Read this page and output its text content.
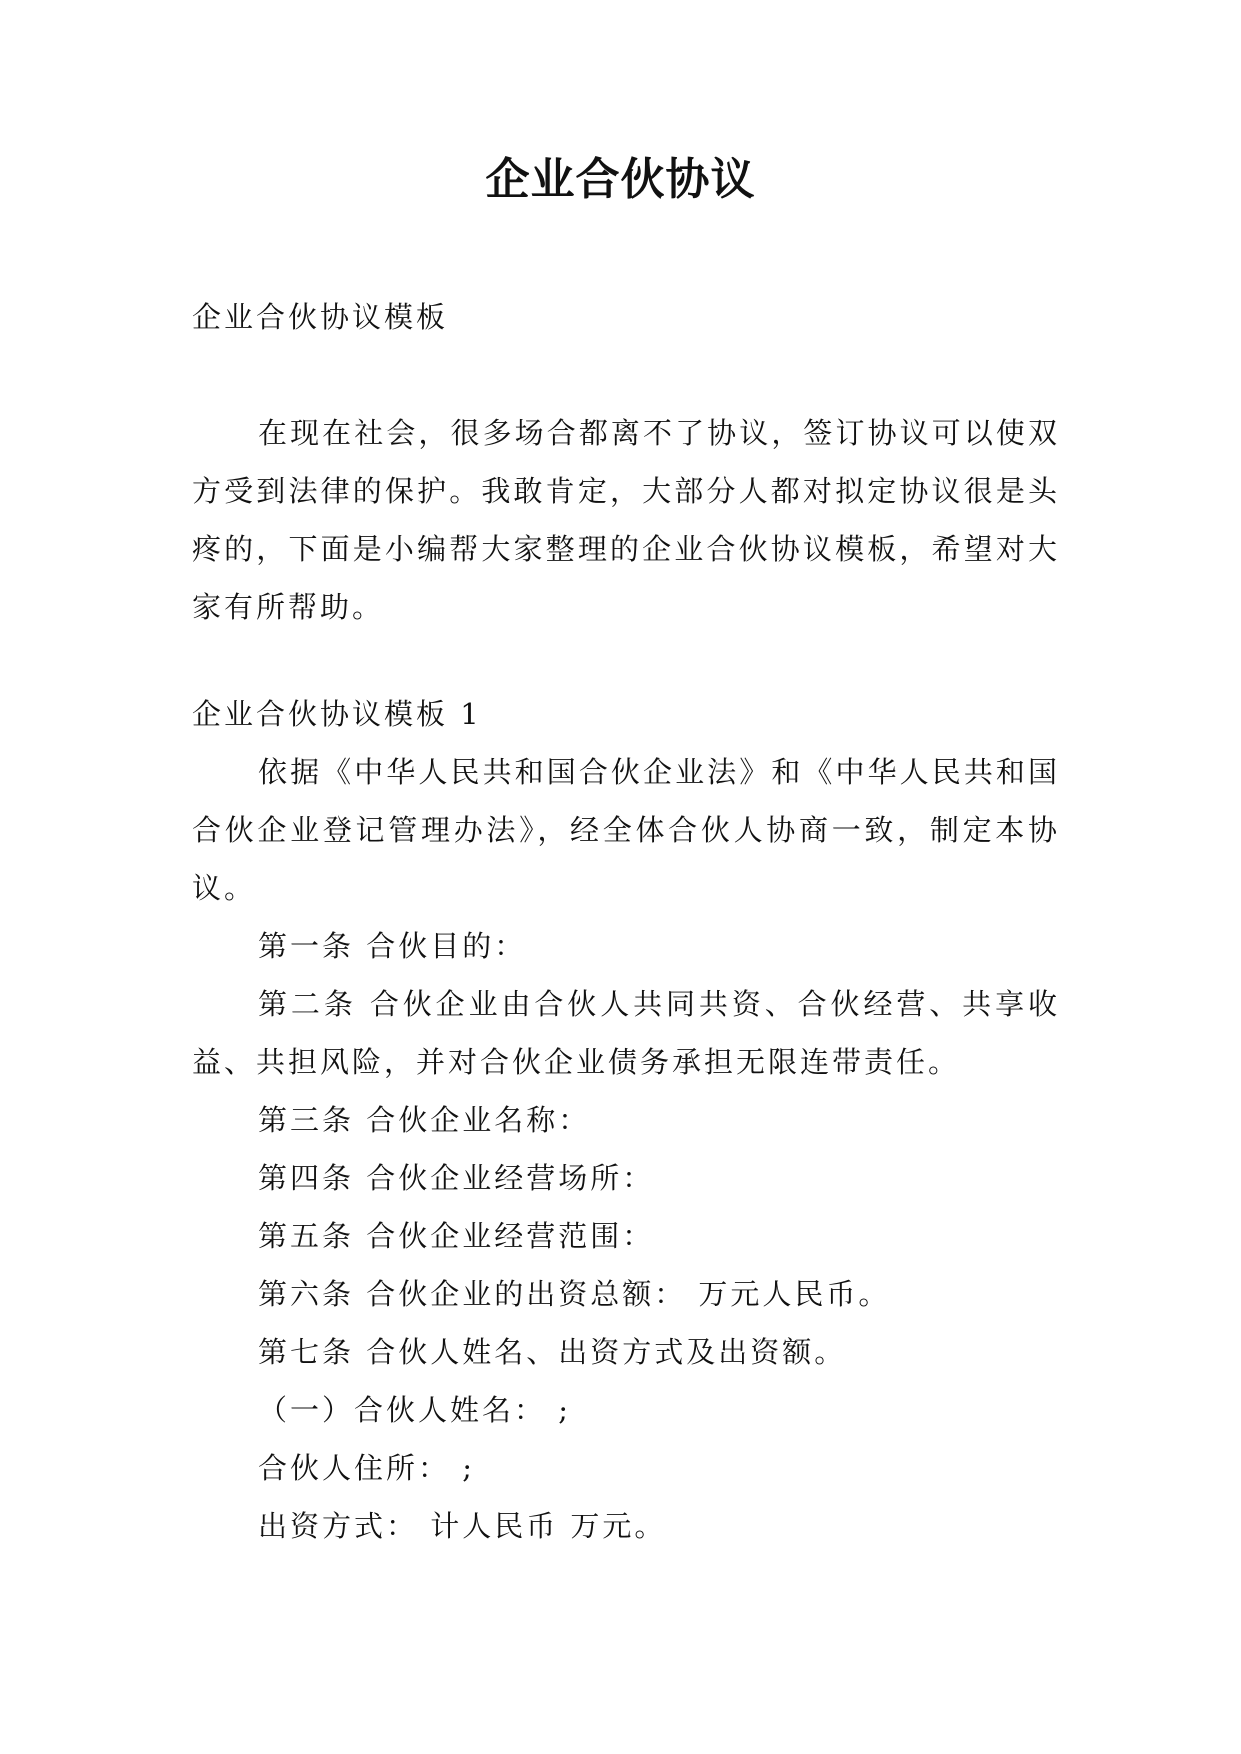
企业合伙协议

企业合伙协议模板

在现在社会，很多场合都离不了协议，签订协议可以使双方受到法律的保护。我敢肯定，大部分人都对拟定协议很是头疼的，下面是小编帮大家整理的企业合伙协议模板，希望对大家有所帮助。

企业合伙协议模板 1

依据《中华人民共和国合伙企业法》和《中华人民共和国合伙企业登记管理办法》，经全体合伙人协商一致，制定本协议。

第一条 合伙目的：

第二条 合伙企业由合伙人共同共资、合伙经营、共享收益、共担风险，并对合伙企业债务承担无限连带责任。

第三条 合伙企业名称：

第四条 合伙企业经营场所：

第五条 合伙企业经营范围：

第六条 合伙企业的出资总额： 万元人民币。

第七条 合伙人姓名、出资方式及出资额。

（一）合伙人姓名： ;

合伙人住所： ;

出资方式： 计人民币 万元。
